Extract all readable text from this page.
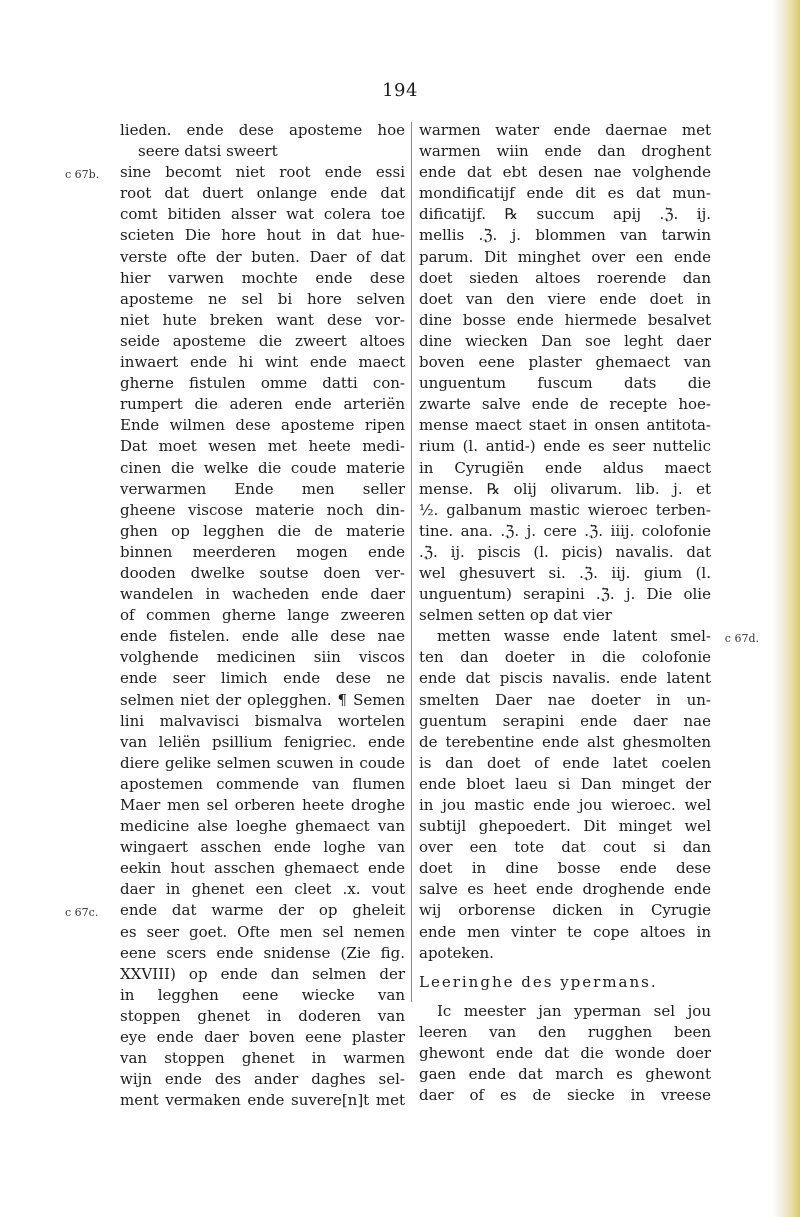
194
lieden. ende dese aposteme hoe
seere datsi sweert
sine becomt niet root ende essi
c 67b.
root dat duert onlange ende dat
comt bitiden alsser wat colera toe
scieten Die hore hout in dat hue-
verste ofte der buten. Daer of dat
hier varwen mochte ende dese
aposteme ne sel bi hore selven
niet hute breken want dese vor-
seide aposteme die zweert altoes
inwaert ende hi wint ende maect
gherne fistulen omme datti con-
rumpert die aderen ende arteriën
Ende wilmen dese aposteme ripen
Dat moet wesen met heete medi-
cinen die welke die coude materie
verwarmen Ende men seller
gheene viscose materie noch din-
ghen op legghen die de materie
binnen meerderen mogen ende
dooden dwelke soutse doen ver-
wandelen in wacheden ende daer
of commen gherne lange zweeren
ende fistelen. ende alle dese nae
volghende medicinen siin viscos
ende seer limich ende dese ne
selmen niet der oplegghen. ¶ Semen
lini malvavisci bismalva wortelen
van leliën psillium fenigriec. ende
diere gelike selmen scuwen in coude
apostemen commende van flumen
Maer men sel orberen heete droghe
medicine alse loeghe ghemaect van
wingaert asschen ende loghe van
eekin hout asschen ghemaect ende
daer in ghenet een cleet .x. vout
ende dat warme der op gheleit
c 67c.
es seer goet. Ofte men sel nemen
eene scers ende snidense (Zie fig.
XXVIII) op ende dan selmen der
in legghen eene wiecke van
stoppen ghenet in doderen van
eye ende daer boven eene plaster
van stoppen ghenet in warmen
wijn ende des ander daghes sel-
ment vermaken ende suvere[n]t met
warmen water ende daernae met
warmen wiin ende dan droghent
ende dat ebt desen nae volghende
mondificatijf ende dit es dat mun-
dificatijf. ℞ succum apij .ℨ. ij.
mellis .ℨ. j. blommen van tarwin
parum. Dit minghet over een ende
doet sieden altoes roerende dan
doet van den viere ende doet in
dine bosse ende hiermede besalvet
dine wiecken Dan soe leght daer
boven eene plaster ghemaect van
unguentum fuscum dats die
zwarte salve ende de recepte hoe-
mense maect staet in onsen antitota-
rium (l. antid-) ende es seer nuttelic
in Cyrugiën ende aldus maect
mense. ℞ olij olivarum. lib. j. et
½. galbanum mastic wieroec terben-
tine. ana. .ℨ. j. cere .ℨ. iiij. colofonie
.ℨ. ij. piscis (l. picis) navalis. dat
wel ghesuvert si. .ℨ. iij. gium (l.
unguentum) serapini .ℨ. j. Die olie
selmen setten op dat vier
metten wasse ende latent smel- c 67d.
ten dan doeter in die colofonie
ende dat piscis navalis. ende latent
smelten Daer nae doeter in un-
guentum serapini ende daer nae
de terebentine ende alst ghesmolten
is dan doet of ende latet coelen
ende bloet laeu si Dan minget der
in jou mastic ende jou wieroec. wel
subtijl ghepoedert. Dit minget wel
over een tote dat cout si dan
doet in dine bosse ende dese
salve es heet ende droghende ende
wij orborense dicken in Cyrugie
ende men vinter te cope altoes in
apoteken.
Leeringhe des ypermans.
Ic meester jan yperman sel jou
leeren van den rugghen been
ghewont ende dat die wonde doer
gaen ende dat march es ghewont
daer of es de siecke in vreese
